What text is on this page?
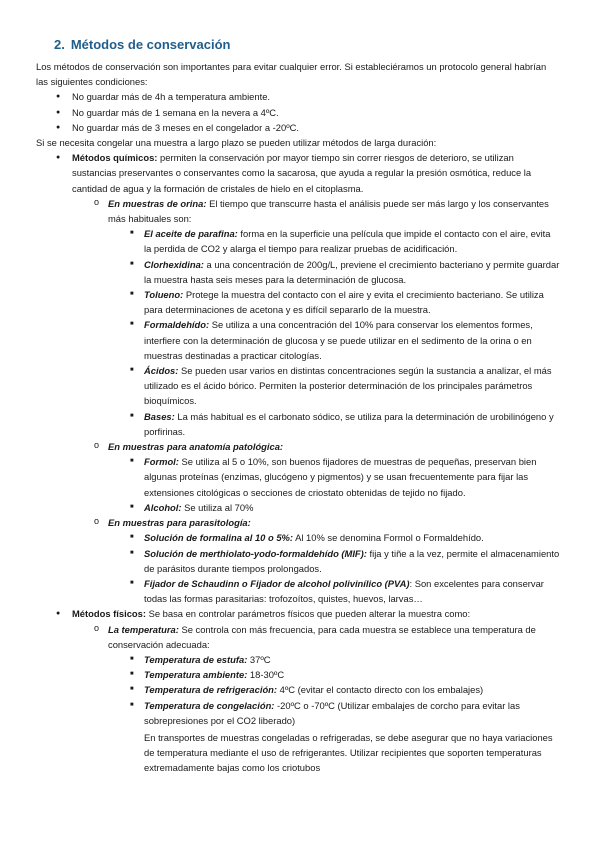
2. Métodos de conservación

Los métodos de conservación son importantes para evitar cualquier error. Si estableciéramos un protocolo general habrían las siguientes condiciones:

● No guardar más de 4h a temperatura ambiente.
● No guardar más de 1 semana en la nevera a 4ºC.
● No guardar más de 3 meses en el congelador a -20ºC.

Si se necesita congelar una muestra a largo plazo se pueden utilizar métodos de larga duración:

● Métodos químicos: permiten la conservación por mayor tiempo sin correr riesgos de deterioro, se utilizan sustancias preservantes o conservantes como la sacarosa, que ayuda a regular la presión osmótica, reduce la cantidad de agua y la formación de cristales de hielo en el citoplasma.
o En muestras de orina: El tiempo que transcurre hasta el análisis puede ser más largo y los conservantes más habituales son:
■ El aceite de parafina: forma en la superficie una película que impide el contacto con el aire, evita la perdida de CO2 y alarga el tiempo para realizar pruebas de acidificación.
■ Clorhexidina: a una concentración de 200g/L, previene el crecimiento bacteriano y permite guardar la muestra hasta seis meses para la determinación de glucosa.
■ Tolueno: Protege la muestra del contacto con el aire y evita el crecimiento bacteriano. Se utiliza para determinaciones de acetona y es difícil separarlo de la muestra.
■ Formaldehído: Se utiliza a una concentración del 10% para conservar los elementos formes, interfiere con la determinación de glucosa y se puede utilizar en el sedimento de la orina o en muestras destinadas a practicar citologías.
■ Ácidos: Se pueden usar varios en distintas concentraciones según la sustancia a analizar, el más utilizado es el ácido bórico. Permiten la posterior determinación de los principales parámetros bioquímicos.
■ Bases: La más habitual es el carbonato sódico, se utiliza para la determinación de urobilinógeno y porfirinas.
o En muestras para anatomía patológica:
■ Formol: Se utiliza al 5 o 10%, son buenos fijadores de muestras de pequeñas, preservan bien algunas proteínas (enzimas, glucógeno y pigmentos) y se usan frecuentemente para fijar las extensiones citológicas o secciones de criostato obtenidas de tejido no fijado.
■ Alcohol: Se utiliza al 70%
o En muestras para parasitología:
■ Solución de formalina al 10 o 5%: Al 10% se denomina Formol o Formaldehído.
■ Solución de merthiolato-yodo-formaldehído (MIF): fija y tiñe a la vez, permite el almacenamiento de parásitos durante tiempos prolongados.
■ Fijador de Schaudinn o Fijador de alcohol polivinílico (PVA): Son excelentes para conservar todas las formas parasitarias: trofozoítos, quistes, huevos, larvas…
● Métodos físicos: Se basa en controlar parámetros físicos que pueden alterar la muestra como:
o La temperatura: Se controla con más frecuencia, para cada muestra se establece una temperatura de conservación adecuada:
■ Temperatura de estufa: 37ºC
■ Temperatura ambiente: 18-30ºC
■ Temperatura de refrigeración: 4ºC (evitar el contacto directo con los embalajes)
■ Temperatura de congelación: -20ºC o -70ºC (Utilizar embalajes de corcho para evitar las sobrepresiones por el CO2 liberado)

En transportes de muestras congeladas o refrigeradas, se debe asegurar que no haya variaciones de temperatura mediante el uso de refrigerantes. Utilizar recipientes que soporten temperaturas extremadamente bajas como los criotubos
